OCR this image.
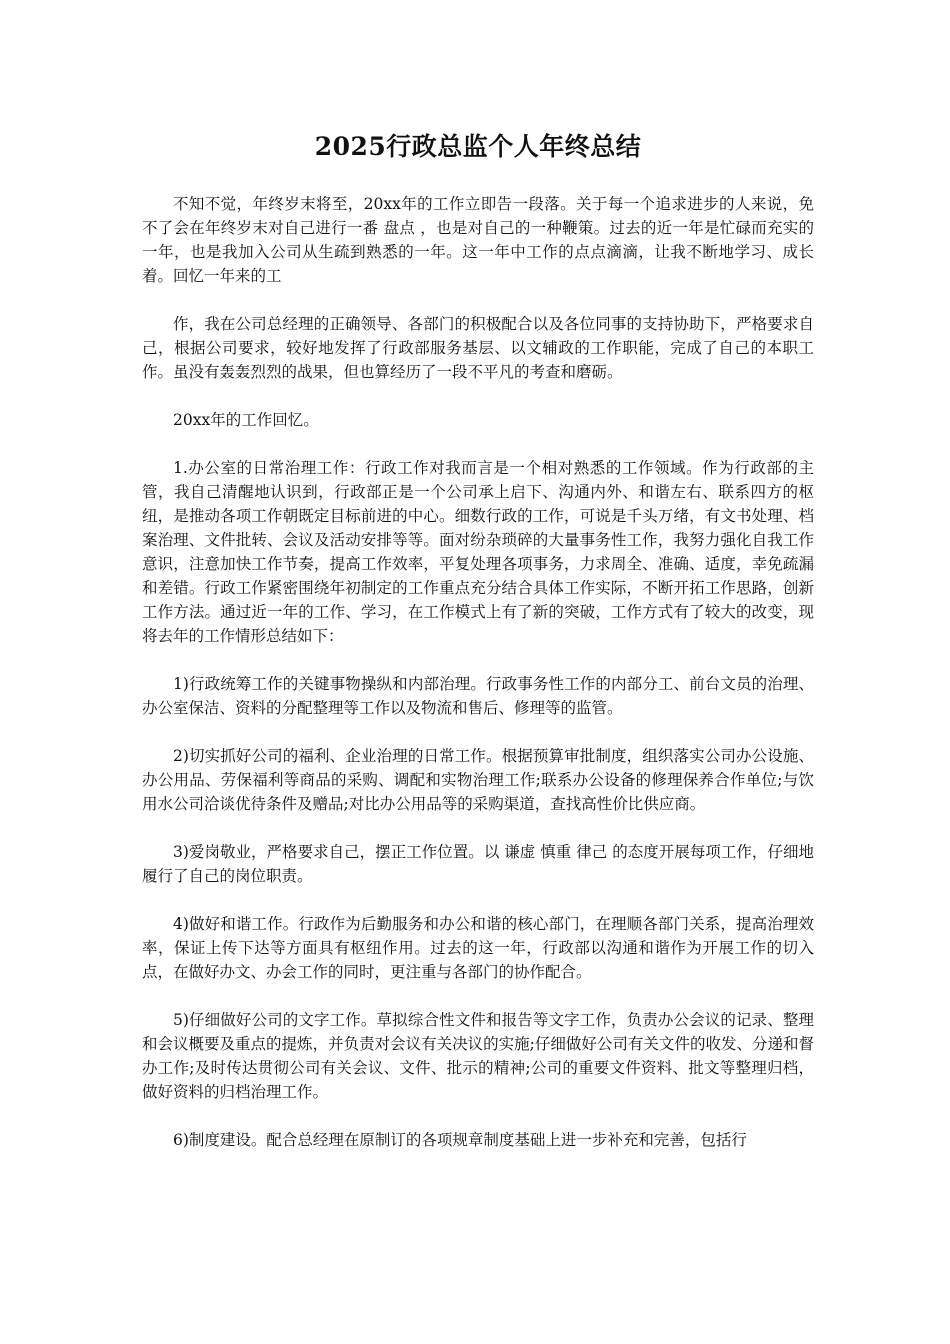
2025行政总监个人年终总结

不知不觉，年终岁末将至，20xx年的工作立即告一段落。关于每一个追求进步的人来说，免不了会在年终岁末对自己进行一番 盘点 ，也是对自己的一种鞭策。过去的近一年是忙碌而充实的一年，也是我加入公司从生疏到熟悉的一年。这一年中工作的点点滴滴，让我不断地学习、成长着。回忆一年来的工

作，我在公司总经理的正确领导、各部门的积极配合以及各位同事的支持协助下，严格要求自己，根据公司要求，较好地发挥了行政部服务基层、以文辅政的工作职能，完成了自己的本职工作。虽没有轰轰烈烈的战果，但也算经历了一段不平凡的考查和磨砺。

20xx年的工作回忆。

1.办公室的日常治理工作：行政工作对我而言是一个相对熟悉的工作领域。作为行政部的主管，我自己清醒地认识到，行政部正是一个公司承上启下、沟通内外、和谐左右、联系四方的枢纽，是推动各项工作朝既定目标前进的中心。细数行政的工作，可说是千头万绪，有文书处理、档案治理、文件批转、会议及活动安排等等。面对纷杂琐碎的大量事务性工作，我努力强化自我工作意识，注意加快工作节奏，提高工作效率，平复处理各项事务，力求周全、准确、适度，幸免疏漏和差错。行政工作紧密围绕年初制定的工作重点充分结合具体工作实际，不断开拓工作思路，创新工作方法。通过近一年的工作、学习，在工作模式上有了新的突破，工作方式有了较大的改变，现将去年的工作情形总结如下：

1)行政统筹工作的关键事物操纵和内部治理。行政事务性工作的内部分工、前台文员的治理、办公室保洁、资料的分配整理等工作以及物流和售后、修理等的监管。

2)切实抓好公司的福利、企业治理的日常工作。根据预算审批制度，组织落实公司办公设施、办公用品、劳保福利等商品的采购、调配和实物治理工作;联系办公设备的修理保养合作单位;与饮用水公司洽谈优待条件及赠品;对比办公用品等的采购渠道，查找高性价比供应商。

3)爱岗敬业，严格要求自己，摆正工作位置。以 谦虚 慎重 律己 的态度开展每项工作，仔细地履行了自己的岗位职责。

4)做好和谐工作。行政作为后勤服务和办公和谐的核心部门，在理顺各部门关系，提高治理效率，保证上传下达等方面具有枢纽作用。过去的这一年，行政部以沟通和谐作为开展工作的切入点，在做好办文、办会工作的同时，更注重与各部门的协作配合。

5)仔细做好公司的文字工作。草拟综合性文件和报告等文字工作，负责办公会议的记录、整理和会议概要及重点的提炼，并负责对会议有关决议的实施;仔细做好公司有关文件的收发、分递和督办工作;及时传达贯彻公司有关会议、文件、批示的精神;公司的重要文件资料、批文等整理归档，做好资料的归档治理工作。

6)制度建设。配合总经理在原制订的各项规章制度基础上进一步补充和完善，包括行
